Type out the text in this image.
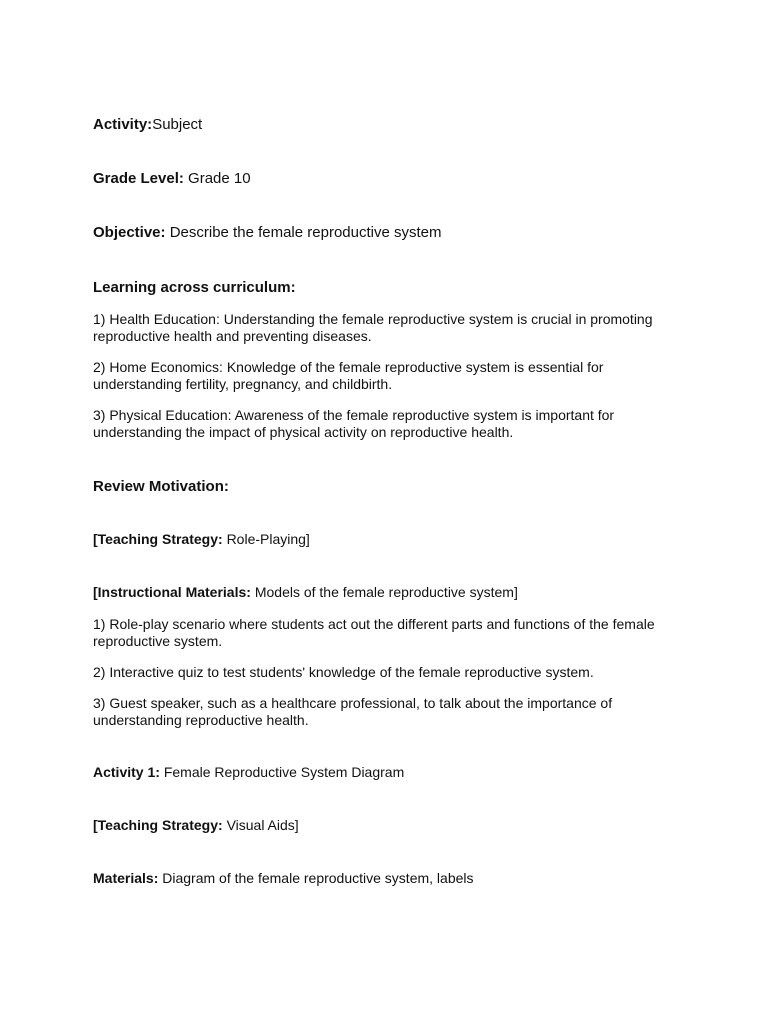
Activity:Subject
Grade Level: Grade 10
Objective: Describe the female reproductive system
Learning across curriculum:
1) Health Education: Understanding the female reproductive system is crucial in promoting reproductive health and preventing diseases.
2) Home Economics: Knowledge of the female reproductive system is essential for understanding fertility, pregnancy, and childbirth.
3) Physical Education: Awareness of the female reproductive system is important for understanding the impact of physical activity on reproductive health.
Review Motivation:
[Teaching Strategy: Role-Playing]
[Instructional Materials: Models of the female reproductive system]
1) Role-play scenario where students act out the different parts and functions of the female reproductive system.
2) Interactive quiz to test students' knowledge of the female reproductive system.
3) Guest speaker, such as a healthcare professional, to talk about the importance of understanding reproductive health.
Activity 1: Female Reproductive System Diagram
[Teaching Strategy: Visual Aids]
Materials: Diagram of the female reproductive system, labels
